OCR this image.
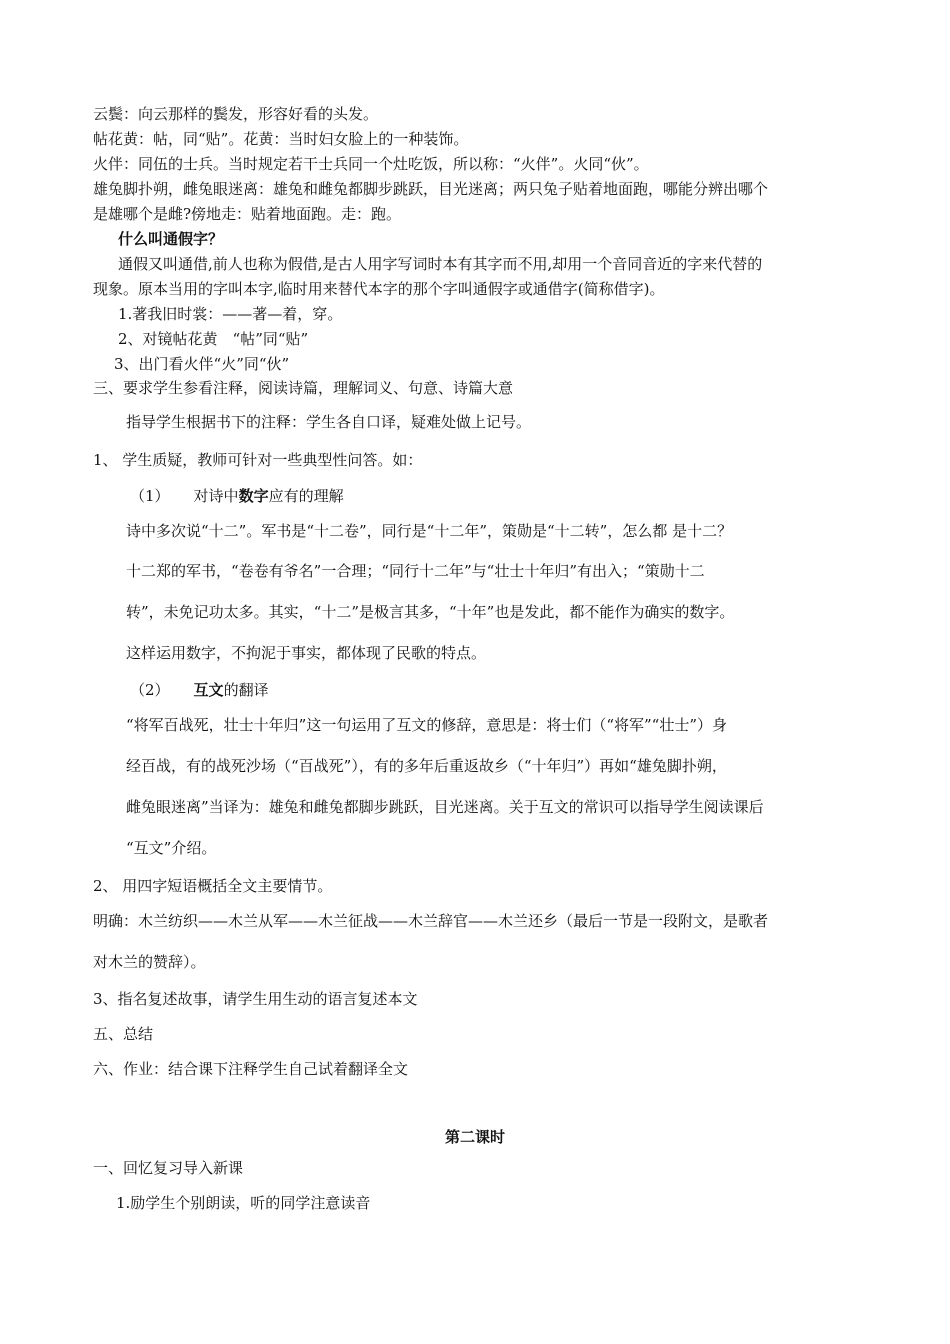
云鬓：向云那样的鬓发，形容好看的头发。
帖花黄：帖，同“贴”。花黄：当时妇女脸上的一种装饰。
火伴：同伍的士兵。当时规定若干士兵同一个灶吃饭，所以称：“火伴”。火同“伙”。
雄兔脚扑朔，雌兔眼迷离：雄兔和雌兔都脚步跳跃，目光迷离；两只兔子贴着地面跑，哪能分辨出哪个
是雄哪个是雌?傍地走：贴着地面跑。走：跑。
什么叫通假字？
通假又叫通借,前人也称为假借,是古人用字写词时本有其字而不用,却用一个音同音近的字来代替的
现象。原本当用的字叫本字,临时用来替代本字的那个字叫通假字或通借字(简称借字)。
1.著我旧时裳：——著—着，穿。
2、对镜帖花黄　“帖”同“贴”
3、出门看火伴“火”同“伙”
三、要求学生参看注释，阅读诗篇，理解词义、句意、诗篇大意
指导学生根据书下的注释：学生各自口译，疑难处做上记号。
1、 学生质疑，教师可针对一些典型性问答。如：
（1） 对诗中数字应有的理解
诗中多次说“十二”。军书是“十二卷”，同行是“十二年”，策勋是“十二转”，怎么都 是十二？
十二郑的军书，“卷卷有爷名”一合理；“同行十二年”与“壮士十年归”有出入；“策勋十二
转”，未免记功太多。其实，“十二”是极言其多，“十年”也是发此，都不能作为确实的数字。
这样运用数字，不拘泥于事实，都体现了民歌的特点。
（2） 互文的翻译
“将军百战死，壮士十年归”这一句运用了互文的修辞，意思是：将士们（“将军”“壮士”）身
经百战，有的战死沙场（“百战死”），有的多年后重返故乡（“十年归”）再如“雄兔脚扑朔，
雌兔眼迷离”当译为：雄兔和雌兔都脚步跳跃，目光迷离。关于互文的常识可以指导学生阅读课后
“互文”介绍。
2、 用四字短语概括全文主要情节。
明确：木兰纺织——木兰从军——木兰征战——木兰辞官——木兰还乡（最后一节是一段附文，是歌者
对木兰的赞辞）。
3、指名复述故事，请学生用生动的语言复述本文
五、总结
六、作业：结合课下注释学生自己试着翻译全文
第二课时
一、回忆复习导入新课
1.励学生个别朗读，听的同学注意读音
